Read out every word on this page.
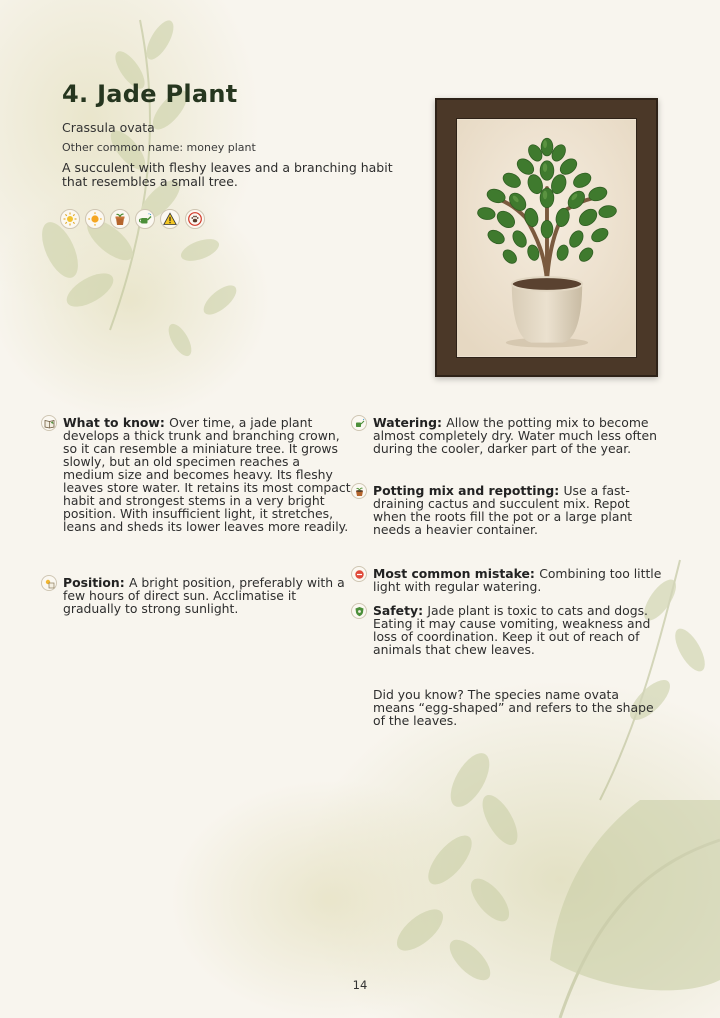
4. Jade Plant
Crassula ovata
Other common name: money plant
A succulent with fleshy leaves and a branching habit that resembles a small tree.
What to know: Over time, a jade plant develops a thick trunk and branching crown, so it can resemble a miniature tree. It grows slowly, but an old specimen reaches a medium size and becomes heavy. Its fleshy leaves store water. It retains its most compact habit and strongest stems in a very bright position. With insufficient light, it stretches, leans and sheds its lower leaves more readily.
Position: A bright position, preferably with a few hours of direct sun. Acclimatise it gradually to strong sunlight.
Watering: Allow the potting mix to become almost completely dry. Water much less often during the cooler, darker part of the year.
Potting mix and repotting: Use a fast-draining cactus and succulent mix. Repot when the roots fill the pot or a large plant needs a heavier container.
Most common mistake: Combining too little light with regular watering.
Safety: Jade plant is toxic to cats and dogs. Eating it may cause vomiting, weakness and loss of coordination. Keep it out of reach of animals that chew leaves.
Did you know? The species name ovata means “egg-shaped” and refers to the shape of the leaves.
14
